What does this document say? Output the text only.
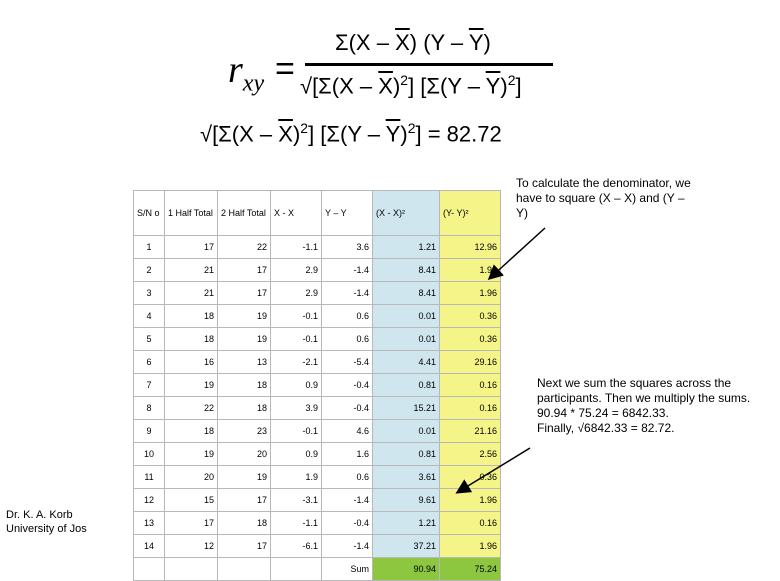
$r_{xy}$ =
$\Sigma(X - \overline{X})$ $(Y - \overline{Y})$
$√[\Sigma(X - \overline{X})^2]$ $[\Sigma(Y - \overline{Y})^2]$
$√[\Sigma(X - \overline{X})^2]$ $[\Sigma(Y - \overline{Y})^2] = 82.72$
S/N o	1 Half Total	2 Half Total	X - X	Y – Y	(X - X)²	(Y- Y)²
1	17	22	-1.1	3.6	1.21	12.96
2	21	17	2.9	-1.4	8.41	1.96
3	21	17	2.9	-1.4	8.41	1.96
4	18	19	-0.1	0.6	0.01	0.36
5	18	19	-0.1	0.6	0.01	0.36
6	16	13	-2.1	-5.4	4.41	29.16
7	19	18	0.9	-0.4	0.81	0.16
8	22	18	3.9	-0.4	15.21	0.16
9	18	23	-0.1	4.6	0.01	21.16
10	19	20	0.9	1.6	0.81	2.56
11	20	19	1.9	0.6	3.61	0.36
12	15	17	-3.1	-1.4	9.61	1.96
13	17	18	-1.1	-0.4	1.21	0.16
14	12	17	-6.1	-1.4	37.21	1.96
				Sum	90.94	75.24
To calculate the denominator, we have to square (X – X) and (Y – Y)
Next we sum the squares across the participants. Then we multiply the sums.
90.94 * 75.24 = 6842.33.
Finally, √6842.33 = 82.72.
Dr. K. A. Korb
University of Jos
